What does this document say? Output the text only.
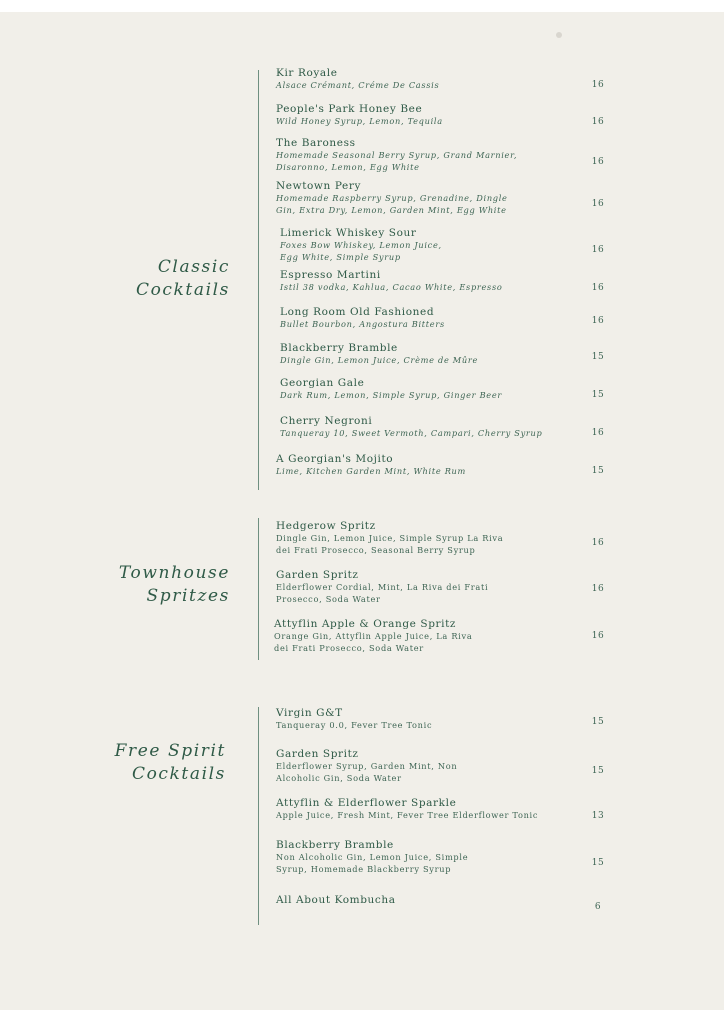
Classic
Cocktails
Kir Royale
Alsace Crémant, Créme De Cassis	16
People's Park Honey Bee
Wild Honey Syrup, Lemon, Tequila	16
The Baroness
Homemade Seasonal Berry Syrup, Grand Marnier,
Disaronno, Lemon, Egg White	16
Newtown Pery
Homemade Raspberry Syrup, Grenadine, Dingle
Gin, Extra Dry, Lemon, Garden Mint, Egg White
16
Limerick Whiskey Sour
Foxes Bow Whiskey, Lemon Juice,
Egg White, Simple Syrup
16
Espresso Martini
Istil 38 vodka, Kahlua, Cacao White, Espresso	16
Long Room Old Fashioned
Bullet Bourbon, Angostura Bitters	16
Blackberry Bramble
Dingle Gin, Lemon Juice, Crème de Mûre	15
Georgian Gale
Dark Rum, Lemon, Simple Syrup, Ginger Beer	15
Cherry Negroni
Tanqueray 10, Sweet Vermoth, Campari, Cherry Syrup	16
A Georgian's Mojito
Lime, Kitchen Garden Mint, White Rum	15
Townhouse
Spritzes
Hedgerow Spritz
Dingle Gin, Lemon Juice, Simple Syrup La Riva
dei Frati Prosecco, Seasonal Berry Syrup
16
Garden Spritz
Elderflower Cordial, Mint, La Riva dei Frati
Prosecco, Soda Water
16
Attyflin Apple & Orange Spritz
Orange Gin, Attyflin Apple Juice, La Riva
dei Frati Prosecco, Soda Water
16
Free Spirit
Cocktails
Virgin G&T
Tanqueray 0.0, Fever Tree Tonic	15
Garden Spritz
Elderflower Syrup, Garden Mint, Non
Alcoholic Gin, Soda Water
15
Attyflin & Elderflower Sparkle
Apple Juice, Fresh Mint, Fever Tree Elderflower Tonic	13
Blackberry Bramble
Non Alcoholic Gin, Lemon Juice, Simple
Syrup, Homemade Blackberry Syrup
15
All About Kombucha
6
